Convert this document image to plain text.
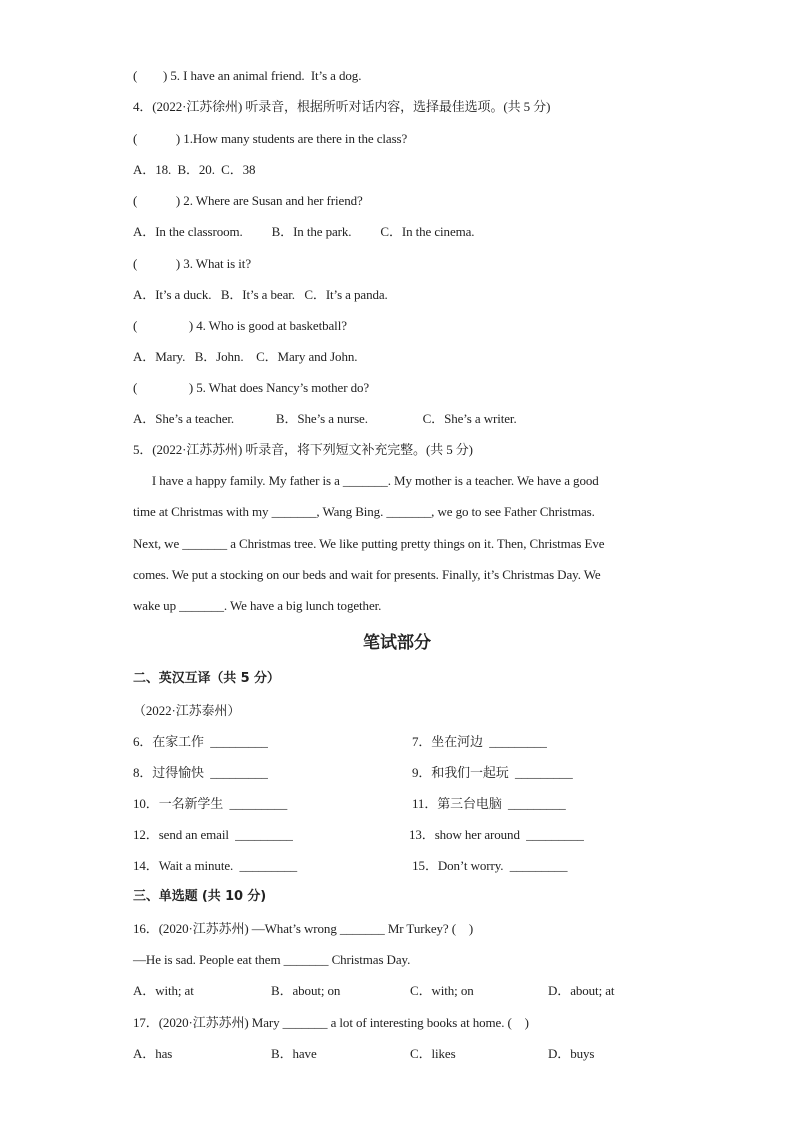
(　　) 5. I have an animal friend.  It’s a dog.
4．(2022·江苏徐州) 听录音，根据所听对话内容，选择最佳选项。(共 5 分)
(　　　) 1.How many students are there in the class?
A．18.  B．20.  C．38
(　　　) 2. Where are Susan and her friend?
A．In the classroom.　　 B．In the park.　　 C．In the cinema.
(　　　) 3. What is it?
A．It’s a duck.   B．It’s a bear.   C．It’s a panda.
(　　　　) 4. Who is good at basketball?
A．Mary.   B．John.    C．Mary and John.
(　　　　) 5. What does Nancy’s mother do?
A．She’s a teacher.　　　 B．She’s a nurse.　　　　 C．She’s a writer.
5．(2022·江苏苏州) 听录音，将下列短文补充完整。(共 5 分)
I have a happy family. My father is a _______. My mother is a teacher. We have a good
time at Christmas with my _______, Wang Bing. _______, we go to see Father Christmas.
Next, we _______ a Christmas tree. We like putting pretty things on it. Then, Christmas Eve
comes. We put a stocking on our beds and wait for presents. Finally, it’s Christmas Day. We
wake up _______. We have a big lunch together.
笔试部分
二、英汉互译（共 5 分）
（2022·江苏泰州）
6．在家工作  _________	7．坐在河边  _________
8．过得愉快  _________	9．和我们一起玩  _________
10．一名新学生  _________	11．第三台电脑  _________
12．send an email  _________	13．show her around  _________
14．Wait a minute.  _________	15．Don’t worry.  _________
三、单选题 (共 10 分)
16．(2020·江苏苏州) —What’s wrong _______ Mr Turkey? (　)
—He is sad. People eat them _______ Christmas Day.
A．with; at	B．about; on	C．with; on	D．about; at
17．(2020·江苏苏州) Mary _______ a lot of interesting books at home. (　)
A．has	B．have	C．likes	D．buys
